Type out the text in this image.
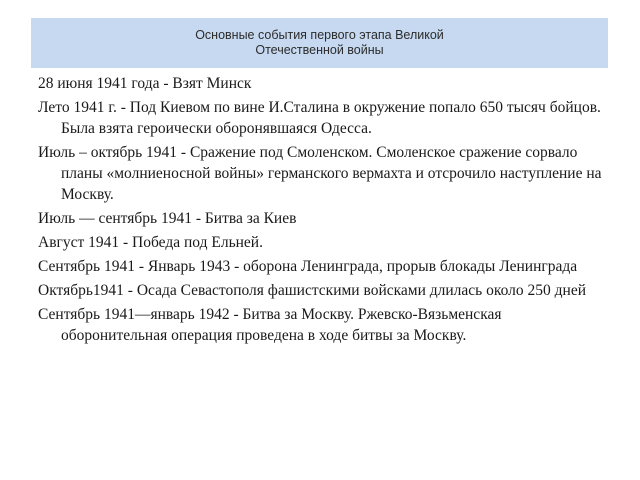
Основные события первого этапа Великой
Отечественной войны
28 июня 1941 года - Взят Минск
Лето 1941 г. - Под Киевом по вине И.Сталина в окружение попало 650 тысяч бойцов. Была взята героически оборонявшаяся Одесса.
Июль – октябрь 1941 - Сражение под Смоленском. Смоленское сражение сорвало планы «молниеносной войны» германского вермахта и отсрочило наступление на Москву.
Июль — сентябрь 1941 - Битва за Киев
Август 1941 - Победа под Ельней.
Сентябрь 1941 - Январь 1943 - оборона Ленинграда, прорыв блокады Ленинграда
Октябрь1941 - Осада Севастополя фашистскими войсками длилась около 250 дней
Сентябрь 1941—январь 1942 - Битва за Москву. Ржевско-Вязьменская оборонительная операция проведена в ходе битвы за Москву.
